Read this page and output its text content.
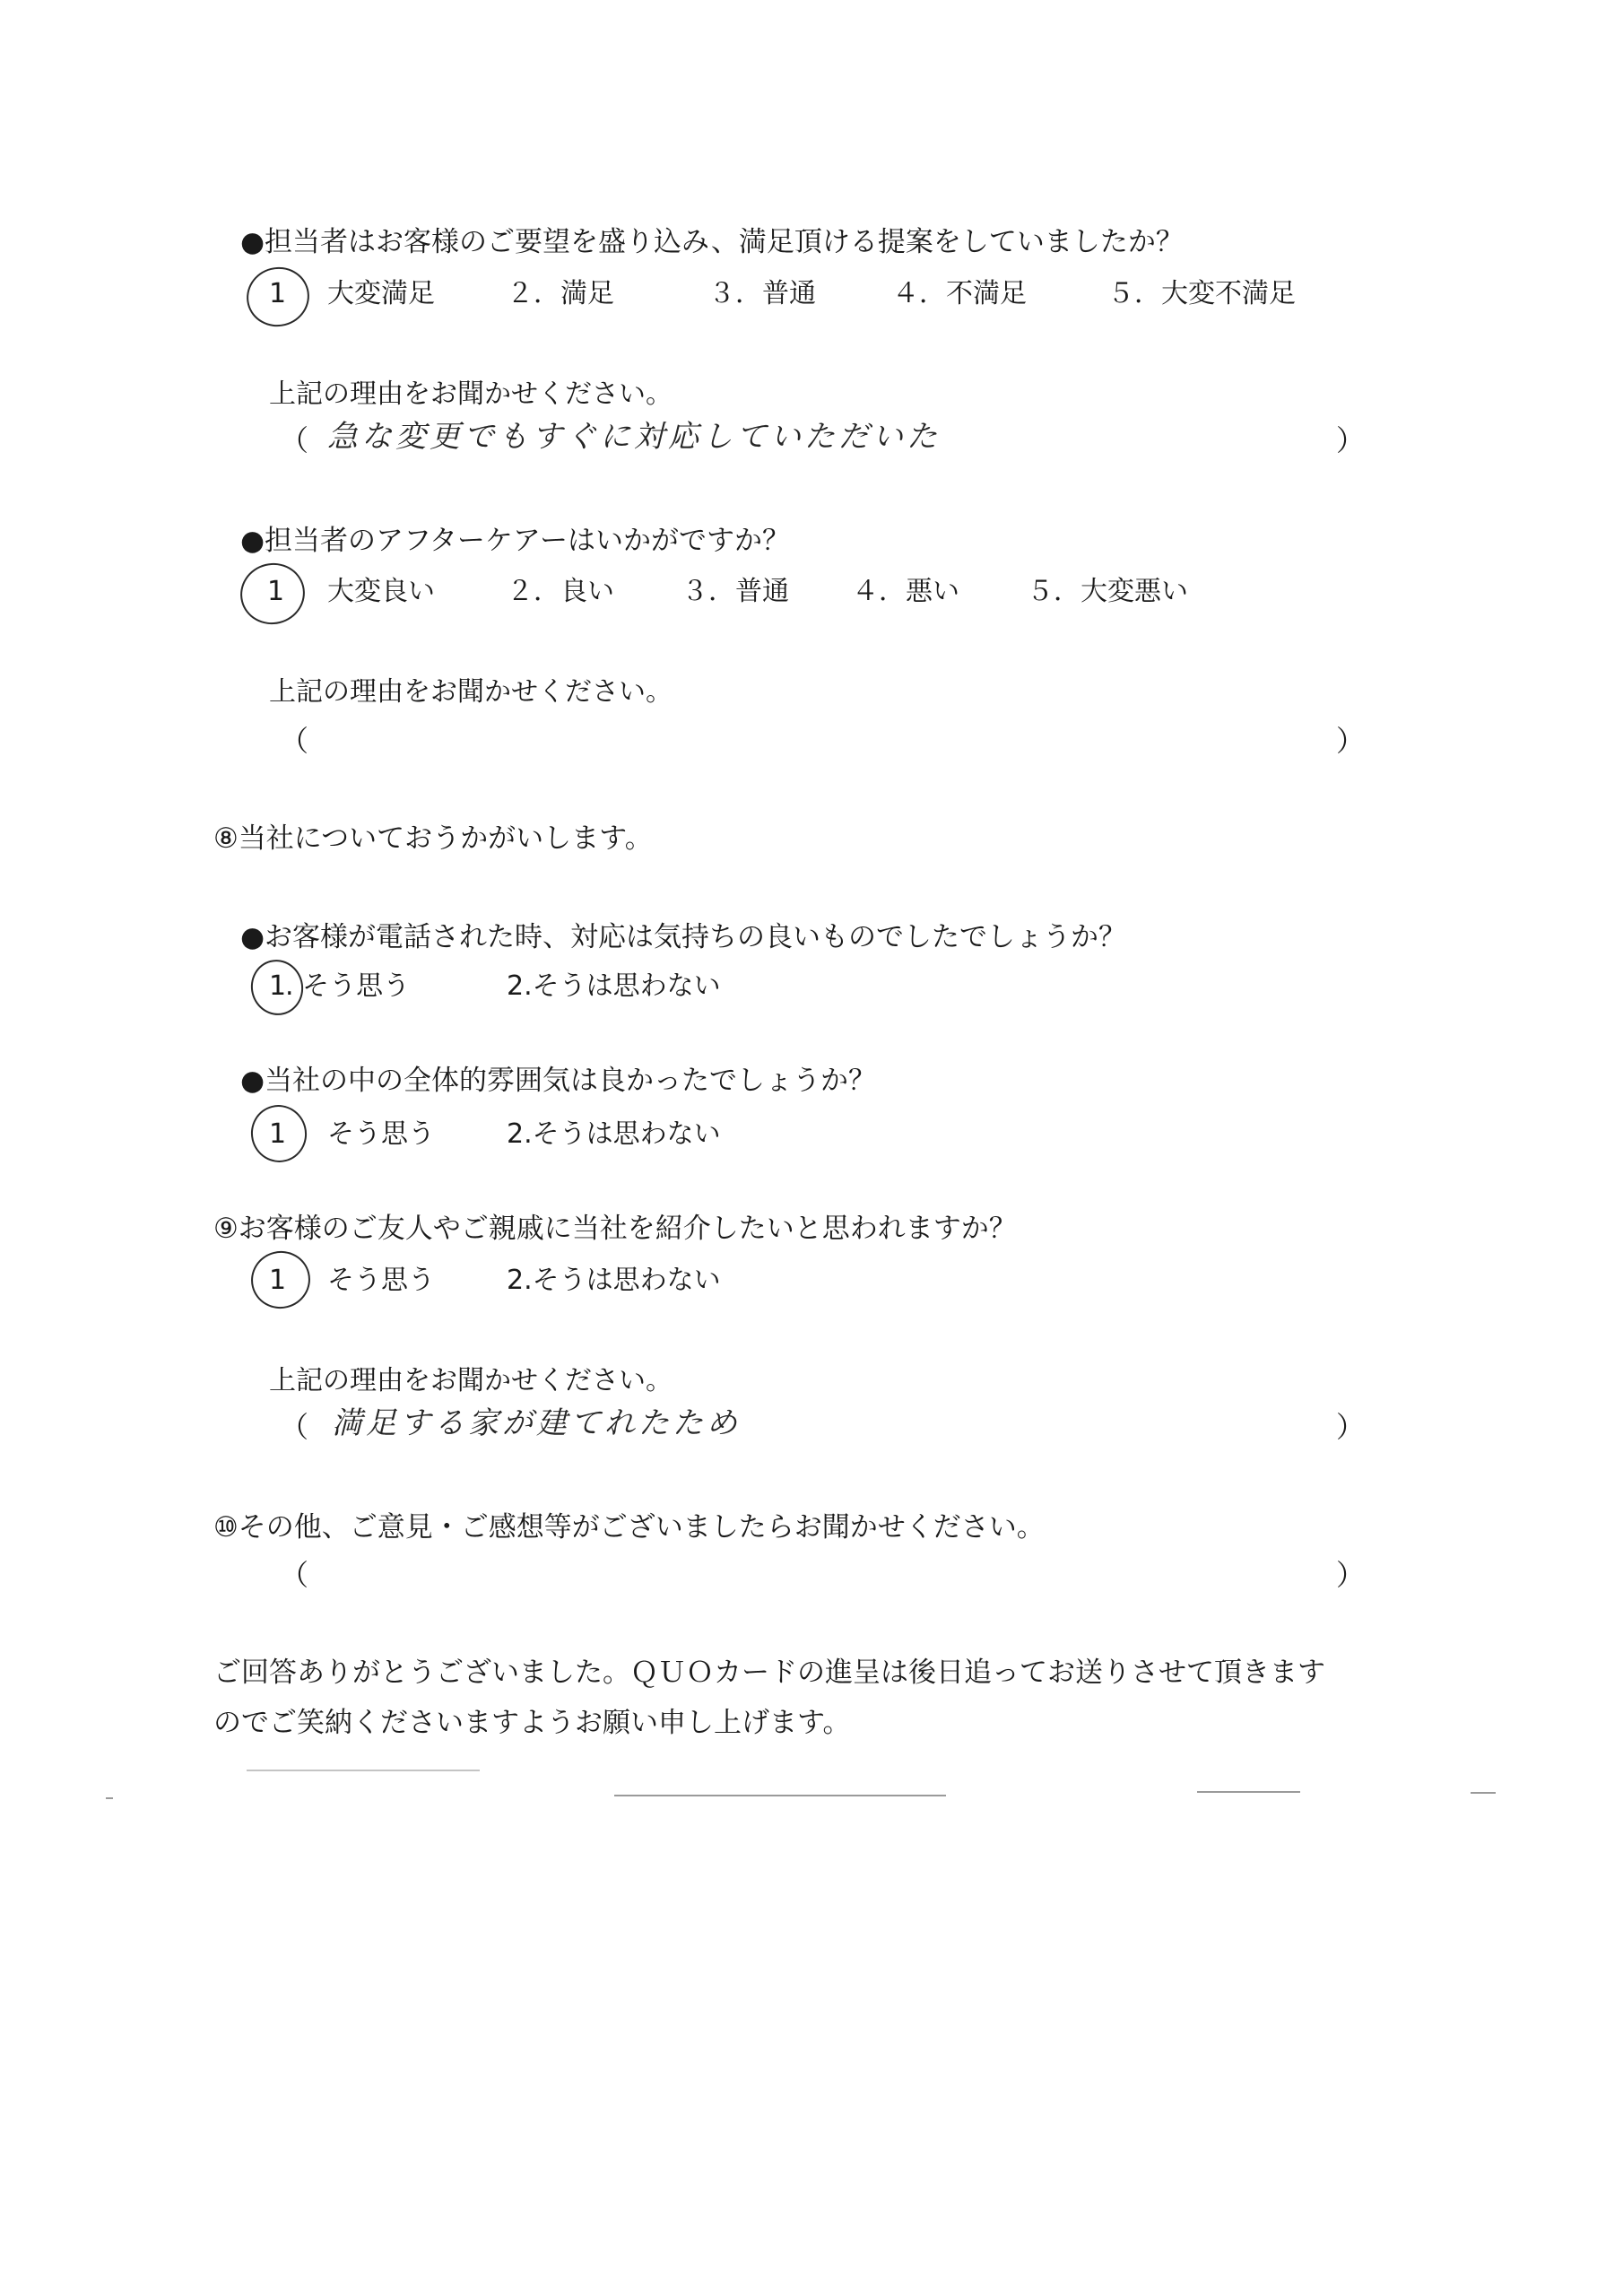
●担当者はお客様のご要望を盛り込み、満足頂ける提案をしていましたか？
1 大変満足	２．満足	３．普通	４．不満足	５．大変不満足
上記の理由をお聞かせください。
（ 急な変更でもすぐに対応していただいた	）
●担当者のアフターケアーはいかがですか？
1 大変良い	２．良い	３．普通 ４．悪い	５．大変悪い
上記の理由をお聞かせください。
（	）
⑧当社についておうかがいします。
●お客様が電話された時、対応は気持ちの良いものでしたでしょうか？
1
. そう思う	2.そうは思わない
●当社の中の全体的雰囲気は良かったでしょうか？
1 そう思う	2.そうは思わない
⑨お客様のご友人やご親戚に当社を紹介したいと思われますか？
1 そう思う	2.そうは思わない
上記の理由をお聞かせください。
（ 満足する家が建てれたため	）
⑩その他、ご意見・ご感想等がございましたらお聞かせください。
（	）
ご回答ありがとうございました。ＱＵＯカードの進呈は後日追ってお送りさせて頂きます
のでご笑納くださいますようお願い申し上げます。
